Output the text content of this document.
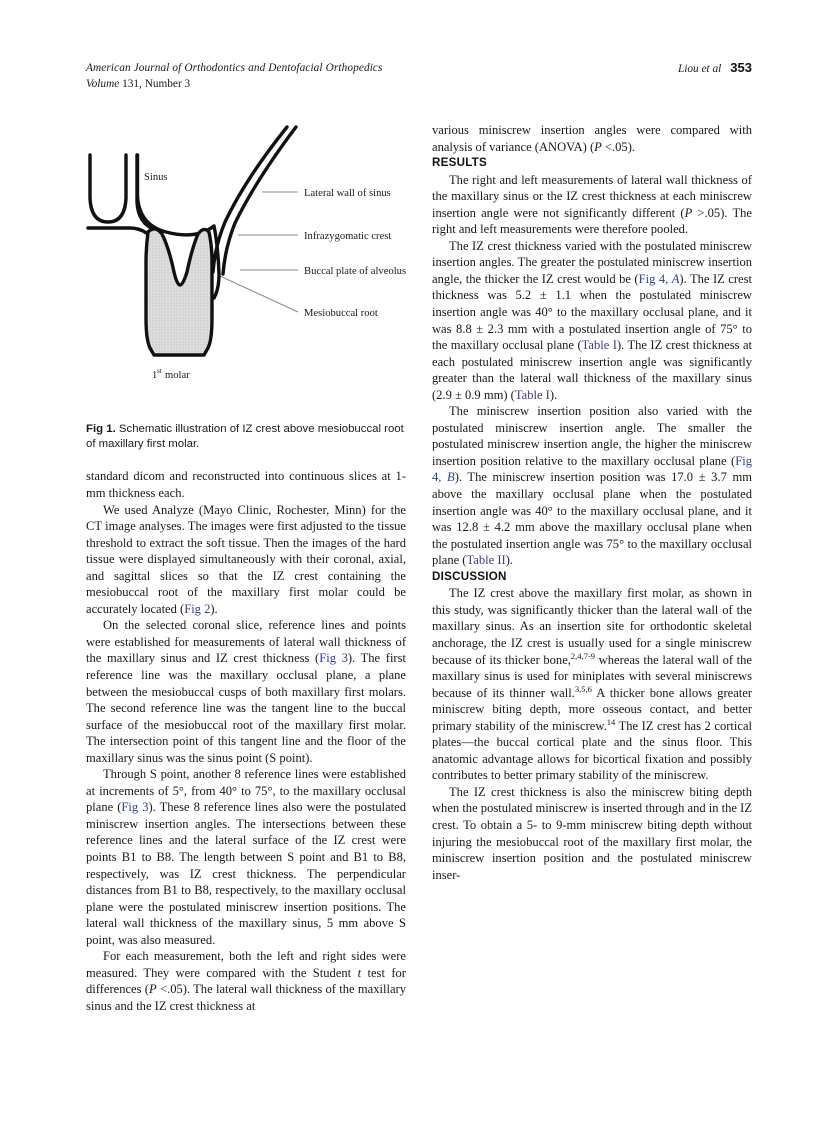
American Journal of Orthodontics and Dentofacial Orthopedics	Liou et al 353
Volume 131, Number 3
Sinus
Lateral wall of sinus
Infrazygomatic crest
Buccal plate of alveolus
Mesiobuccal root
1 st molar

Fig 1. Schematic illustration of IZ crest above mesiobuccal root of maxillary first molar.

standard dicom and reconstructed into continuous slices at 1-mm thickness each.

We used Analyze (Mayo Clinic, Rochester, Minn) for the CT image analyses. The images were first adjusted to the tissue threshold to extract the soft tissue. Then the images of the hard tissue were displayed simultaneously with their coronal, axial, and sagittal slices so that the IZ crest containing the mesiobuccal root of the maxillary first molar could be accurately located (Fig 2).

On the selected coronal slice, reference lines and points were established for measurements of lateral wall thickness of the maxillary sinus and IZ crest thickness (Fig 3). The first reference line was the maxillary occlusal plane, a plane between the mesiobuccal cusps of both maxillary first molars. The second reference line was the tangent line to the buccal surface of the mesiobuccal root of the maxillary first molar. The intersection point of this tangent line and the floor of the maxillary sinus was the sinus point (S point).

Through S point, another 8 reference lines were established at increments of 5°, from 40° to 75°, to the maxillary occlusal plane (Fig 3). These 8 reference lines also were the postulated miniscrew insertion angles. The intersections between these reference lines and the lateral surface of the IZ crest were points B1 to B8. The length between S point and B1 to B8, respectively, was IZ crest thickness. The perpendicular distances from B1 to B8, respectively, to the maxillary occlusal plane were the postulated miniscrew insertion positions. The lateral wall thickness of the maxillary sinus, 5 mm above S point, was also measured.

For each measurement, both the left and right sides were measured. They were compared with the Student t test for differences (P <.05). The lateral wall thickness of the maxillary sinus and the IZ crest thickness at

various miniscrew insertion angles were compared with analysis of variance (ANOVA) (P <.05).

RESULTS

The right and left measurements of lateral wall thickness of the maxillary sinus or the IZ crest thickness at each miniscrew insertion angle were not significantly different (P >.05). The right and left measurements were therefore pooled.

The IZ crest thickness varied with the postulated miniscrew insertion angles. The greater the postulated miniscrew insertion angle, the thicker the IZ crest would be (Fig 4, A). The IZ crest thickness was 5.2 ± 1.1 when the postulated miniscrew insertion angle was 40° to the maxillary occlusal plane, and it was 8.8 ± 2.3 mm with a postulated insertion angle of 75° to the maxillary occlusal plane (Table I). The IZ crest thickness at each postulated miniscrew insertion angle was significantly greater than the lateral wall thickness of the maxillary sinus (2.9 ± 0.9 mm) (Table I).

The miniscrew insertion position also varied with the postulated miniscrew insertion angle. The smaller the postulated miniscrew insertion angle, the higher the miniscrew insertion position relative to the maxillary occlusal plane (Fig 4, B). The miniscrew insertion position was 17.0 ± 3.7 mm above the maxillary occlusal plane when the postulated insertion angle was 40° to the maxillary occlusal plane, and it was 12.8 ± 4.2 mm above the maxillary occlusal plane when the postulated insertion angle was 75° to the maxillary occlusal plane (Table II).

DISCUSSION

The IZ crest above the maxillary first molar, as shown in this study, was significantly thicker than the lateral wall of the maxillary sinus. As an insertion site for orthodontic skeletal anchorage, the IZ crest is usually used for a single miniscrew because of its thicker bone,$^{2,4,7-9}$ whereas the lateral wall of the maxillary sinus is used for miniplates with several miniscrews because of its thinner wall.$^{3,5,6}$ A thicker bone allows greater miniscrew biting depth, more osseous contact, and better primary stability of the miniscrew.$^{14}$ The IZ crest has 2 cortical plates—the buccal cortical plate and the sinus floor. This anatomic advantage allows for bicortical fixation and possibly contributes to better primary stability of the miniscrew.

The IZ crest thickness is also the miniscrew biting depth when the postulated miniscrew is inserted through and in the IZ crest. To obtain a 5- to 9-mm miniscrew biting depth without injuring the mesiobuccal root of the maxillary first molar, the miniscrew insertion position and the postulated miniscrew inser-
